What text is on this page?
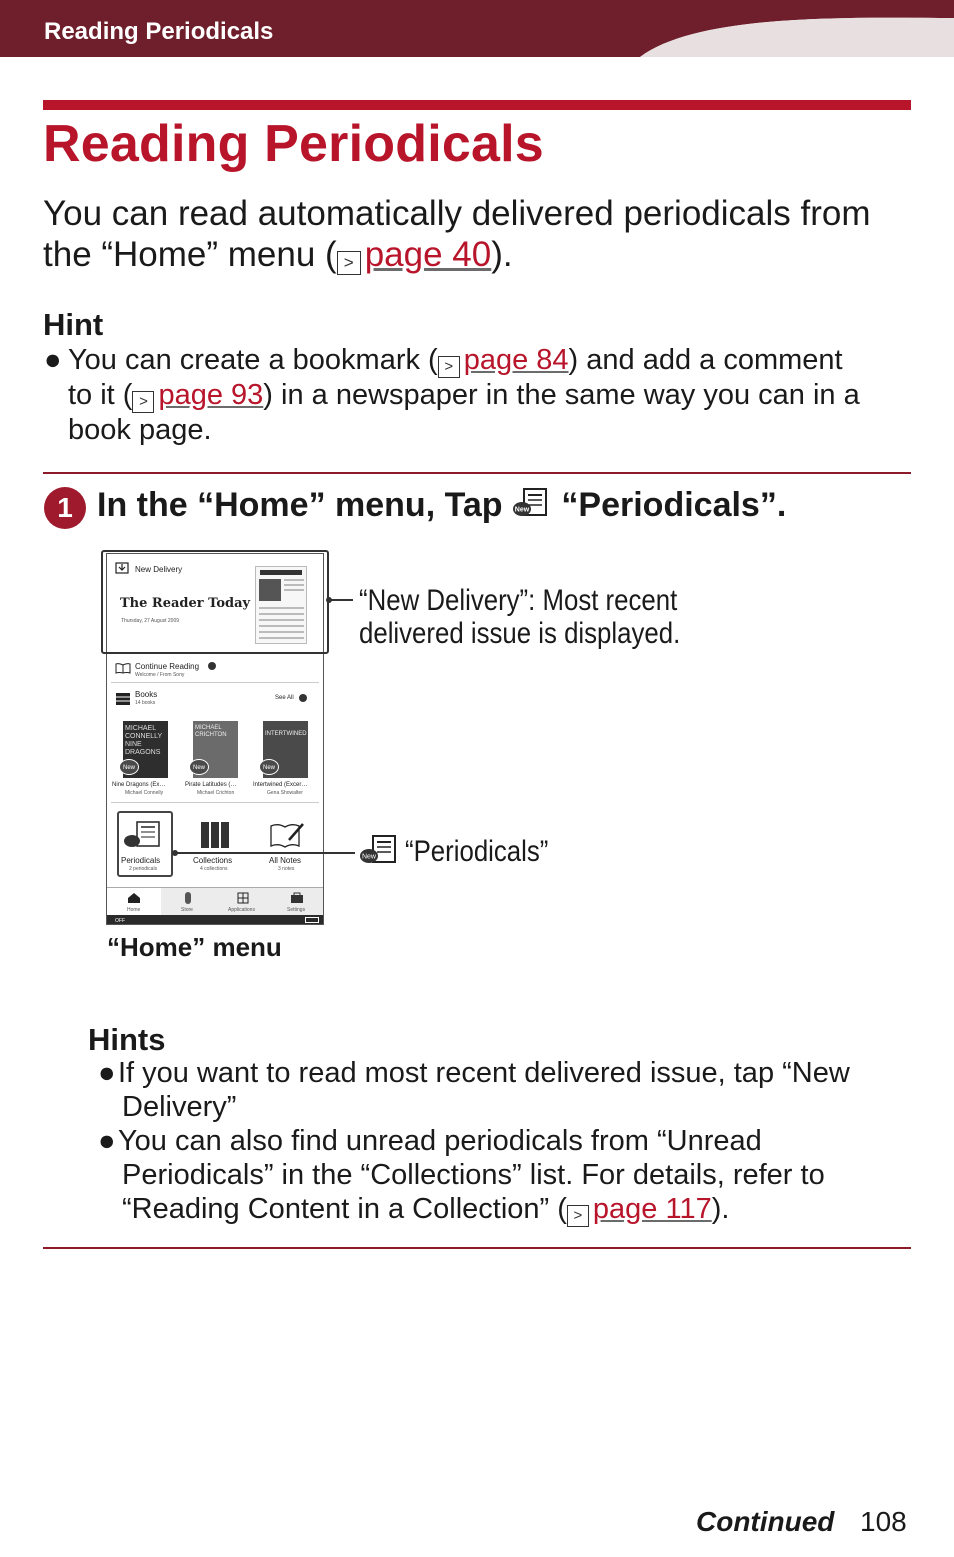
Reading Periodicals
Reading Periodicals
You can read automatically delivered periodicals from the “Home” menu ( > page 40).
Hint
● You can create a bookmark ( > page 84) and add a comment
to it ( > page 93) in a newspaper in the same way you can in a
book page.
1 In the “Home” menu, Tap New “Periodicals”.
New Delivery
The Reader Today
Thursday, 27 August 2009
Continue Reading
Welcome / From Sony
Books
14 books
See All
MICHAEL CONNELLY NINE DRAGONS
New
MICHAEL CRICHTON
New
INTERTWINED
New
Nine Dragons (Ex…
Michael Connelly
Pirate Latitudes (…
Michael Crichton
Intertwined (Excer…
Gena Showalter
Periodicals
2 periodicals
Collections
4 collections
All Notes
3 notes
Home	Store	Applications	Settings
OFF
“New Delivery”: Most recent
delivered issue is displayed.
New “Periodicals”
“Home” menu
Hints
●If you want to read most recent delivered issue, tap “New
Delivery”
●You can also find unread periodicals from “Unread
Periodicals” in the “Collections” list. For details, refer to
“Reading Content in a Collection” ( > page 117).
Continued 108
